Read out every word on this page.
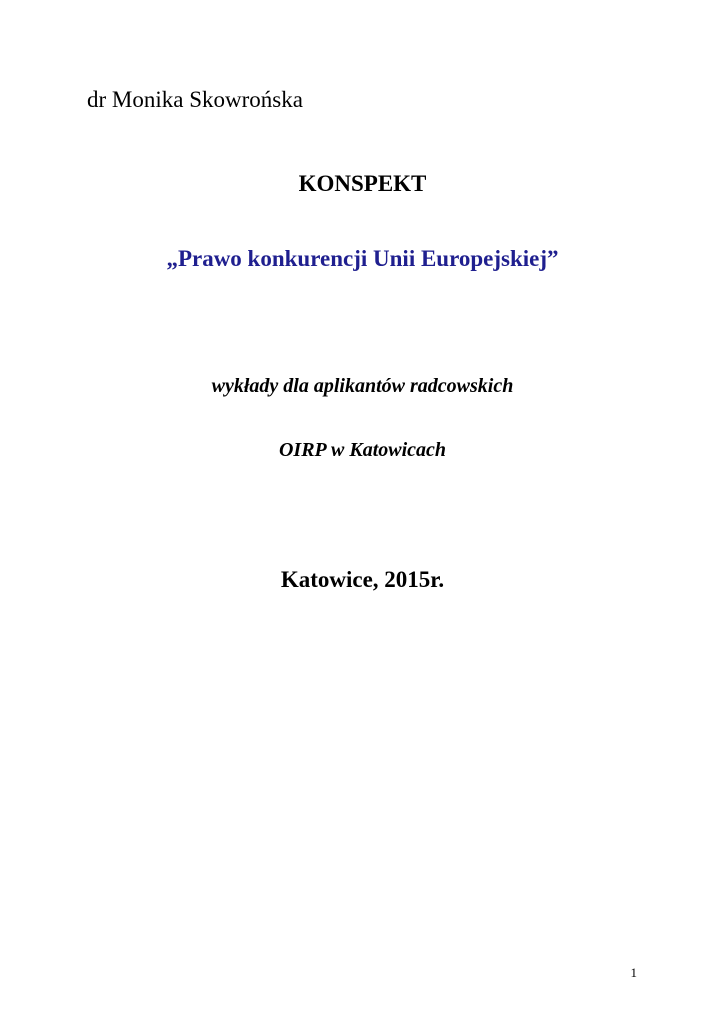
dr Monika Skowrońska
KONSPEKT
„Prawo konkurencji Unii Europejskiej”
wykłady dla aplikantów radcowskich
OIRP w Katowicach
Katowice, 2015r.
1
